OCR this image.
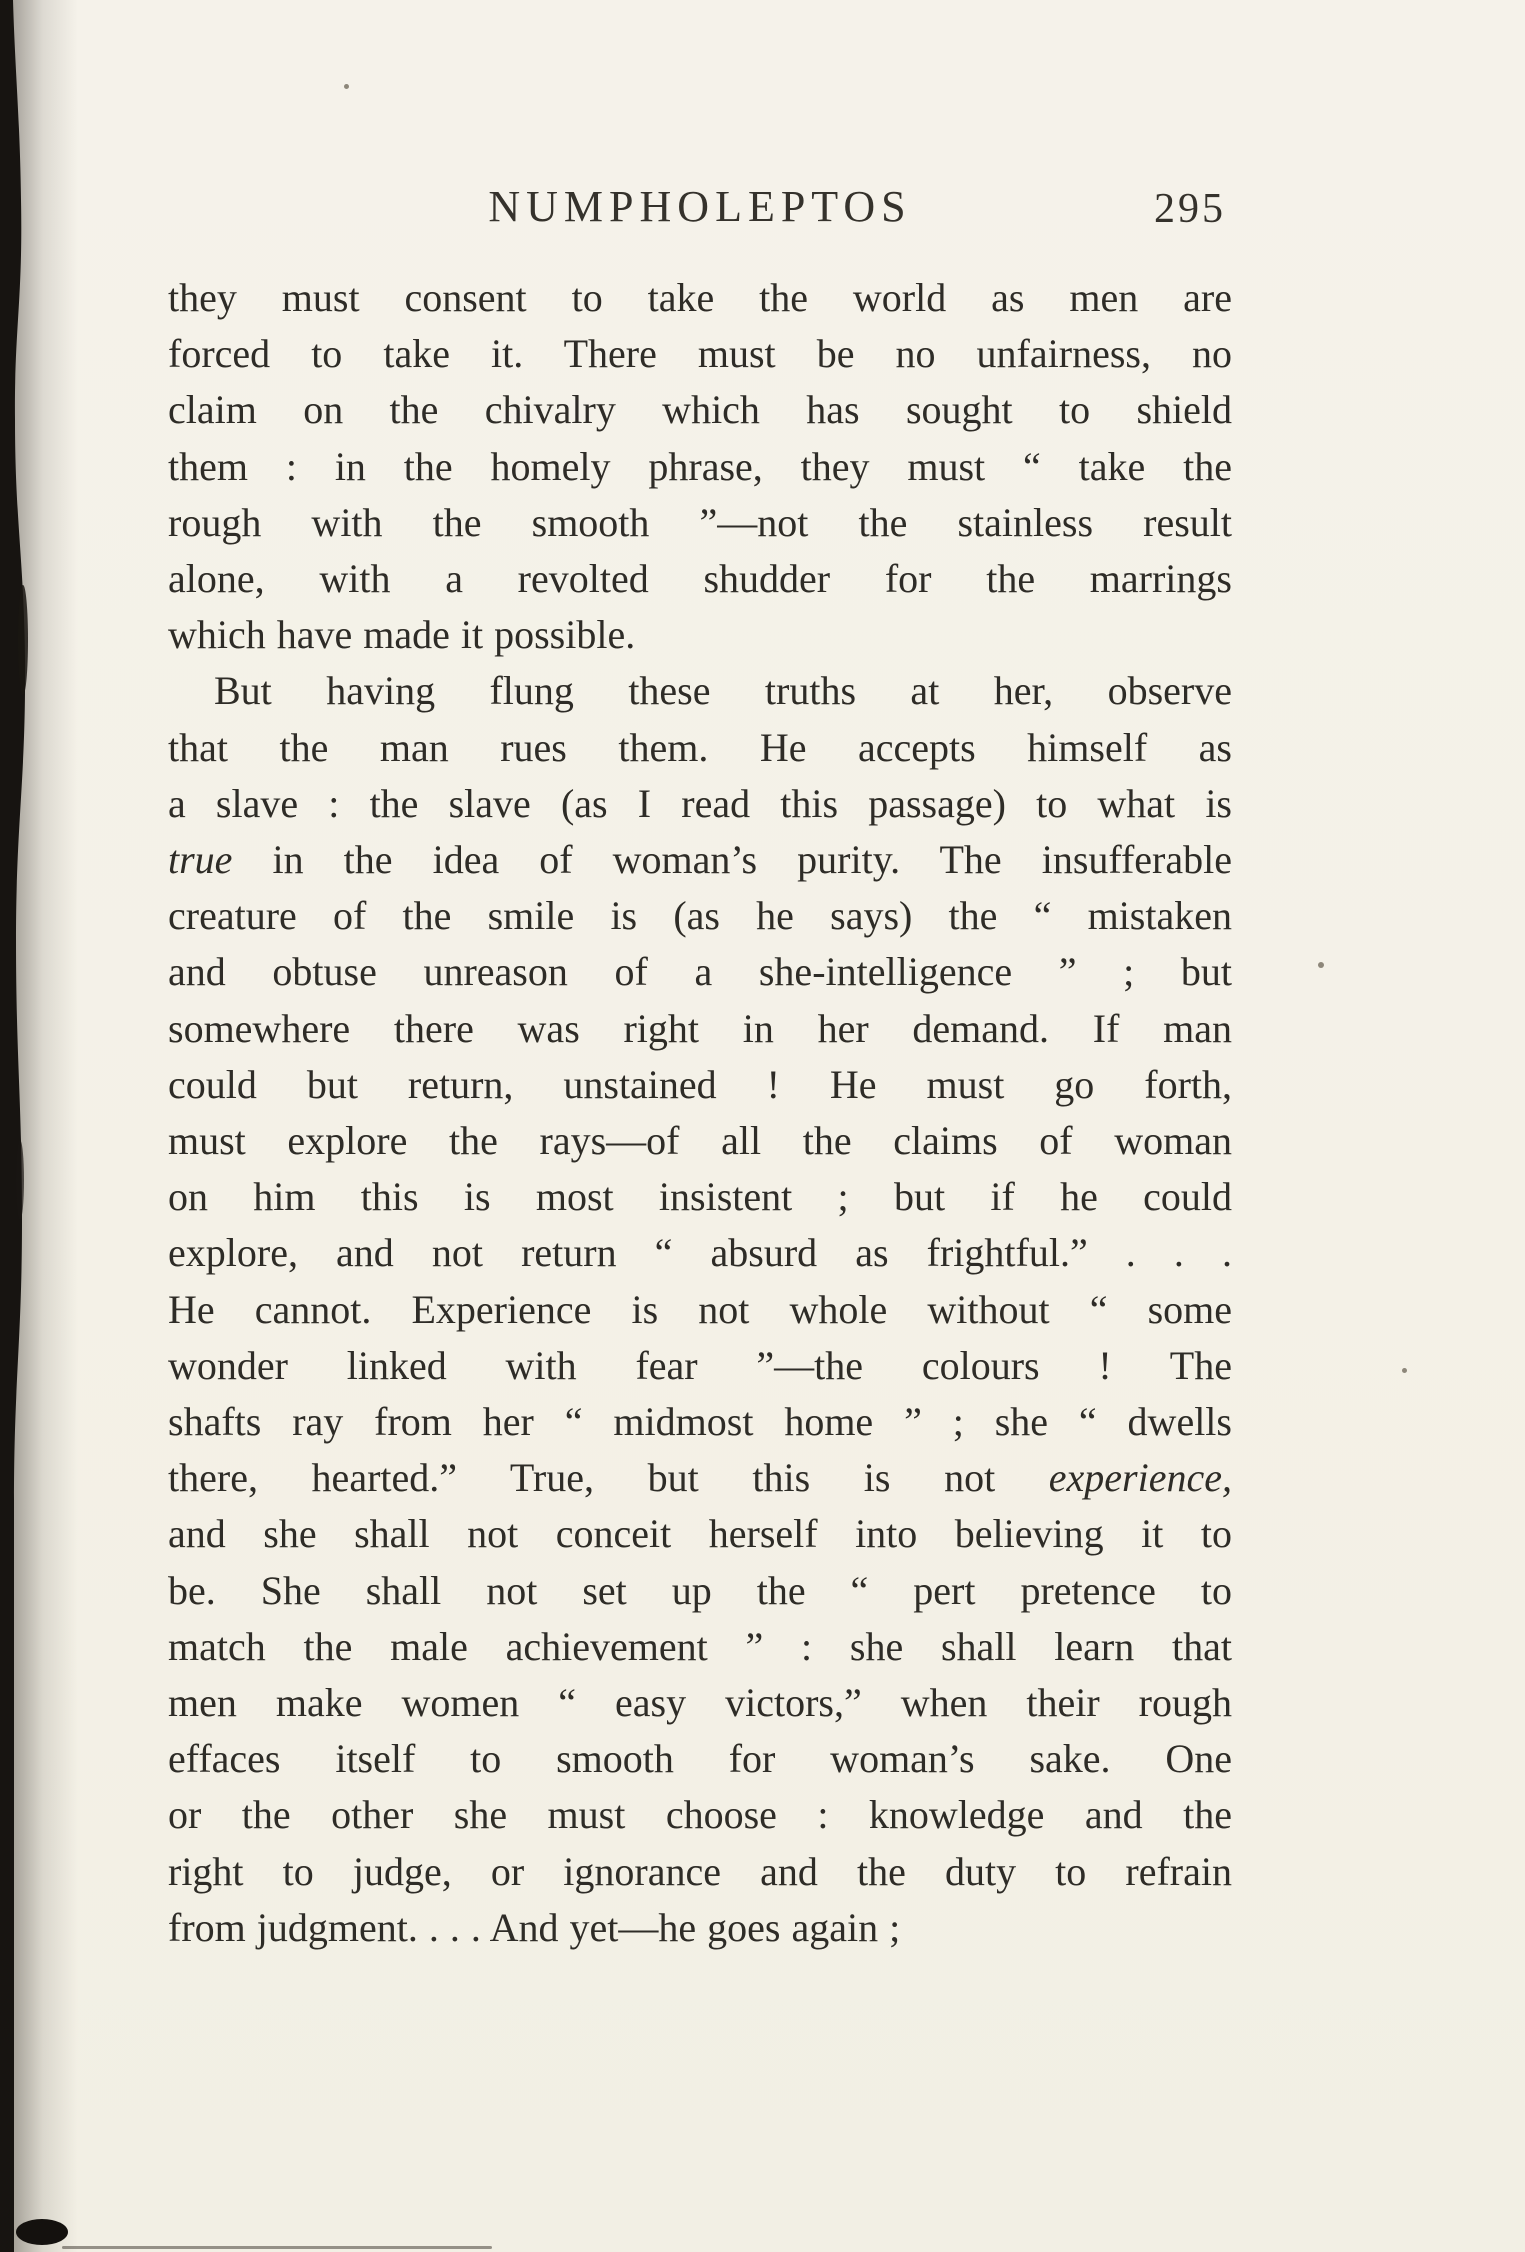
NUMPHOLEPTOS	295
they must consent to take the world as men are
forced to take it. There must be no unfairness, no
claim on the chivalry which has sought to shield
them : in the homely phrase, they must “ take the
rough with the smooth ”—not the stainless result
alone, with a revolted shudder for the marrings
which have made it possible.
But having flung these truths at her, observe
that the man rues them. He accepts himself as
a slave : the slave (as I read this passage) to what is
true in the idea of woman’s purity. The insufferable
creature of the smile is (as he says) the “ mistaken
and obtuse unreason of a she-intelligence ” ; but
somewhere there was right in her demand. If man
could but return, unstained ! He must go forth,
must explore the rays—of all the claims of woman
on him this is most insistent ; but if he could
explore, and not return “ absurd as frightful.” . . .
He cannot. Experience is not whole without “ some
wonder linked with fear ”—the colours ! The
shafts ray from her “ midmost home ” ; she “ dwells
there, hearted.” True, but this is not experience,
and she shall not conceit herself into believing it to
be. She shall not set up the “ pert pretence to
match the male achievement ” : she shall learn that
men make women “ easy victors,” when their rough
effaces itself to smooth for woman’s sake. One
or the other she must choose : knowledge and the
right to judge, or ignorance and the duty to refrain
from judgment. . . . And yet—he goes again ;
